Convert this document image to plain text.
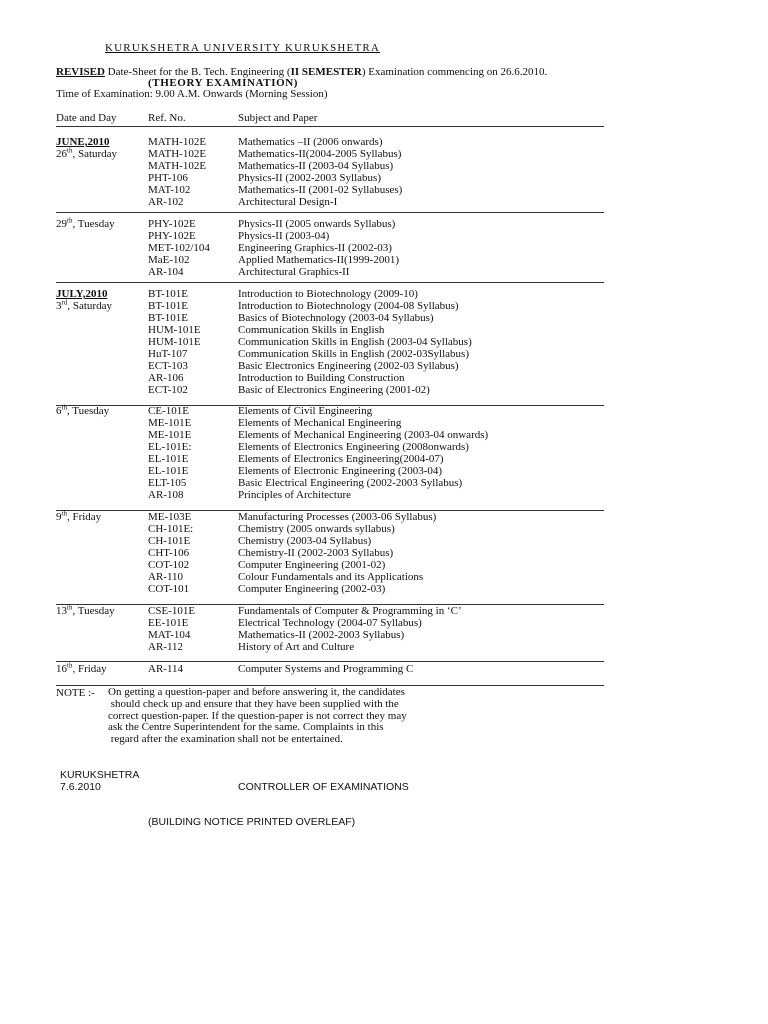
KURUKSHETRA UNIVERSITY KURUKSHETRA
REVISED Date-Sheet for the B. Tech. Engineering (II SEMESTER) Examination commencing on 26.6.2010.
(THEORY EXAMINATION)
Time of Examination: 9.00 A.M. Onwards (Morning Session)
Date and Day	Ref. No.	Subject and Paper
JUNE,2010	MATH-102E	Mathematics –II (2006 onwards)
26th, Saturday	MATH-102E	Mathematics-II(2004-2005 Syllabus)
MATH-102E	Mathematics-II (2003-04 Syllabus)
PHT-106	Physics-II (2002-2003 Syllabus)
MAT-102	Mathematics-II (2001-02 Syllabuses)
AR-102	Architectural Design-I
29th, Tuesday	PHY-102E	Physics-II (2005 onwards Syllabus)
PHY-102E	Physics-II (2003-04)
MET-102/104	Engineering Graphics-II (2002-03)
MaE-102	Applied Mathematics-II(1999-2001)
AR-104	Architectural Graphics-II
JULY,2010	BT-101E	Introduction to Biotechnology (2009-10)
3rd, Saturday	BT-101E	Introduction to Biotechnology (2004-08 Syllabus)
BT-101E	Basics of Biotechnology (2003-04 Syllabus)
HUM-101E	Communication Skills in English
HUM-101E	Communication Skills in English (2003-04 Syllabus)
HuT-107	Communication Skills in English (2002-03Syllabus)
ECT-103	Basic Electronics Engineering (2002-03 Syllabus)
AR-106	Introduction to Building Construction
ECT-102	Basic of Electronics Engineering (2001-02)
6th, Tuesday	CE-101E	Elements of Civil Engineering
ME-101E	Elements of Mechanical Engineering
ME-101E	Elements of Mechanical Engineering (2003-04 onwards)
EL-101E:	Elements of Electronics Engineering (2008onwards)
EL-101E	Elements of Electronics Engineering(2004-07)
EL-101E	Elements of Electronic Engineering (2003-04)
ELT-105	Basic Electrical Engineering (2002-2003 Syllabus)
AR-108	Principles of Architecture
9th, Friday	ME-103E	Manufacturing Processes (2003-06 Syllabus)
CH-101E:	Chemistry (2005 onwards syllabus)
CH-101E	Chemistry (2003-04 Syllabus)
CHT-106	Chemistry-II (2002-2003 Syllabus)
COT-102	Computer Engineering (2001-02)
AR-110	Colour Fundamentals and its Applications
COT-101	Computer Engineering (2002-03)
13th, Tuesday	CSE-101E	Fundamentals of Computer & Programming in ‘C’
EE-101E	Electrical Technology (2004-07 Syllabus)
MAT-104	Mathematics-II (2002-2003 Syllabus)
AR-112	History of Art and Culture
16th, Friday	AR-114	Computer Systems and Programming C
NOTE :- On getting a question-paper and before answering it, the candidates
should check up and ensure that they have been supplied with the
correct question-paper. If the question-paper is not correct they may
ask the Centre Superintendent for the same. Complaints in this
regard after the examination shall not be entertained.
KURUKSHETRA
7.6.2010	CONTROLLER OF EXAMINATIONS
(BUILDING NOTICE PRINTED OVERLEAF)
